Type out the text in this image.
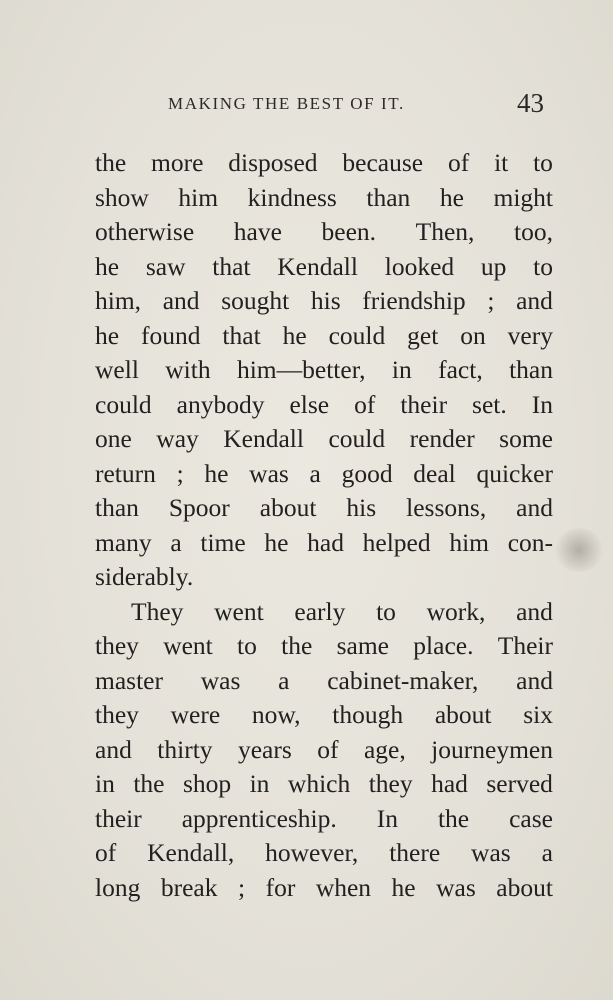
MAKING THE BEST OF IT.	43
the more disposed because of it to
show him kindness than he might
otherwise have been. Then, too,
he saw that Kendall looked up to
him, and sought his friendship ; and
he found that he could get on very
well with him—better, in fact, than
could anybody else of their set. In
one way Kendall could render some
return ; he was a good deal quicker
than Spoor about his lessons, and
many a time he had helped him con-
siderably.
They went early to work, and
they went to the same place. Their
master was a cabinet-maker, and
they were now, though about six
and thirty years of age, journeymen
in the shop in which they had served
their apprenticeship. In the case
of Kendall, however, there was a
long break ; for when he was about
